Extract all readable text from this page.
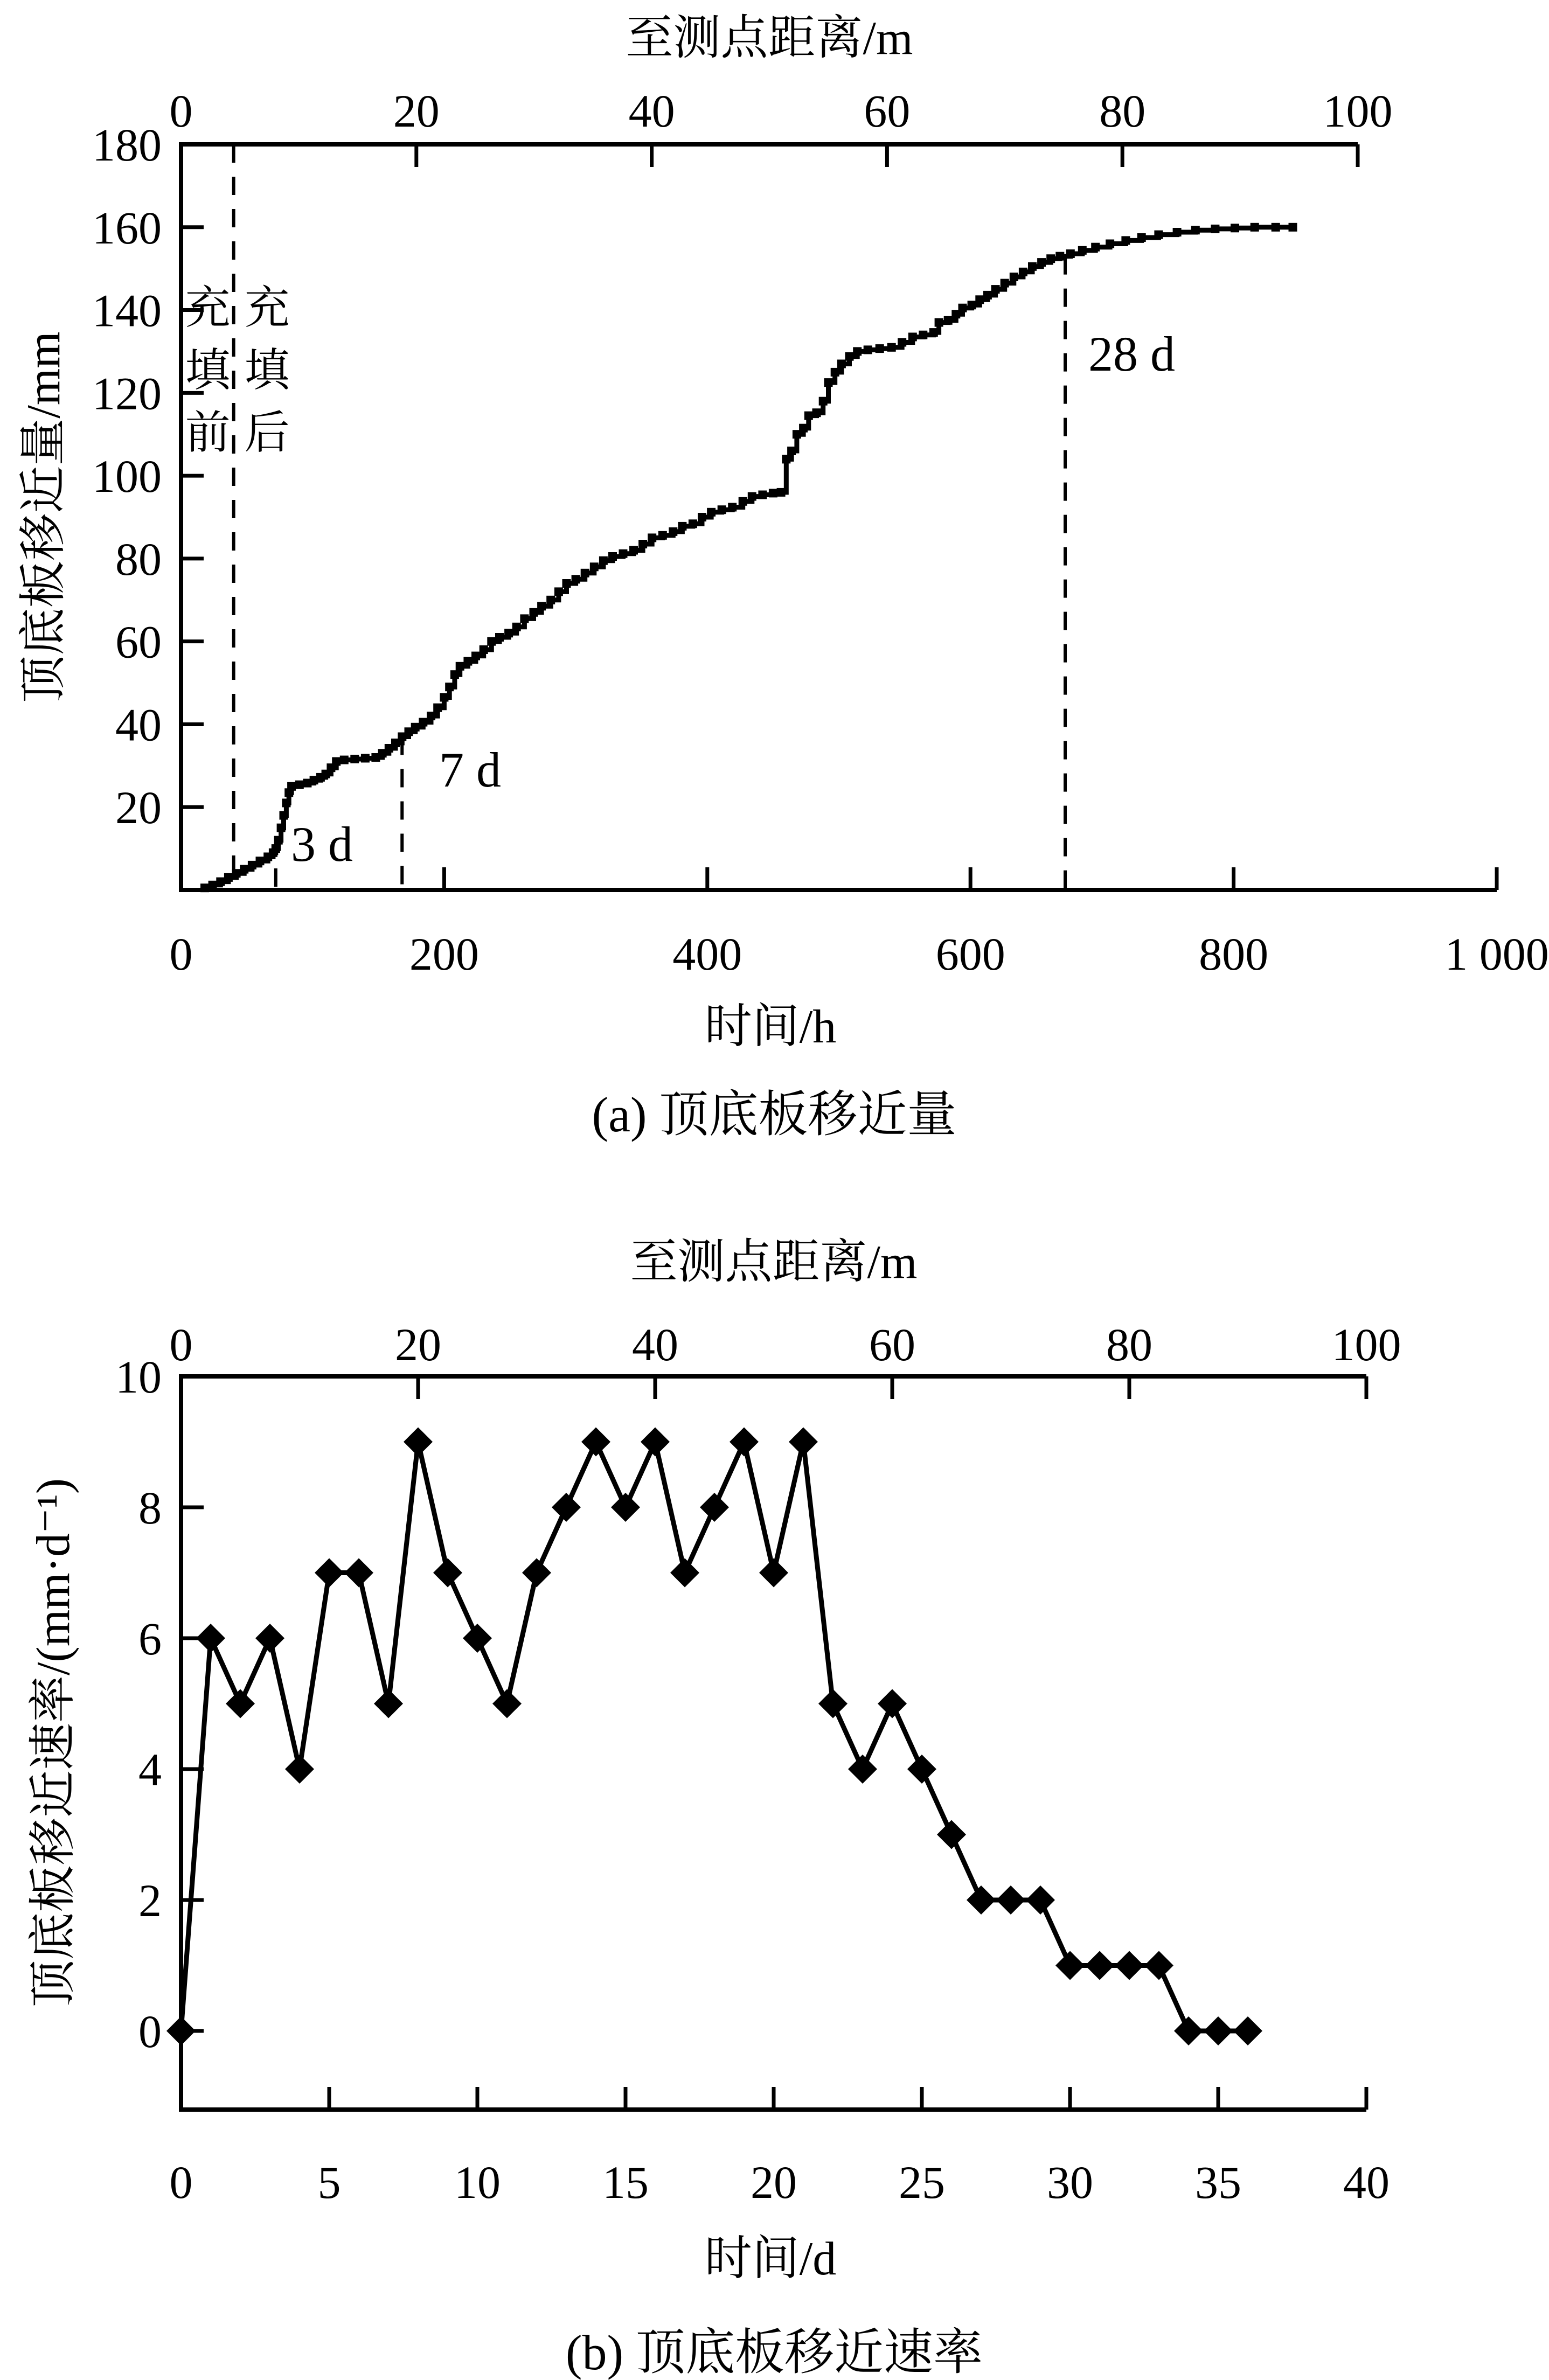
20
40
60
80
100
120
140
160
180
0	200	400	600	800	1 000
0	20	40	60	80	100
充填前
充填后
0
2
4
6
8
10
0	5 10 15 20 25 30 35 40
0	20	40	60	80	100
至测点距离/m
顶底板移近量/mm
时间/h
(a) 顶底板移近量
3 d
7 d
28 d
至测点距离/m
顶底板移近速率/(mm·d⁻¹)
时间/d
(b) 顶底板移近速率
